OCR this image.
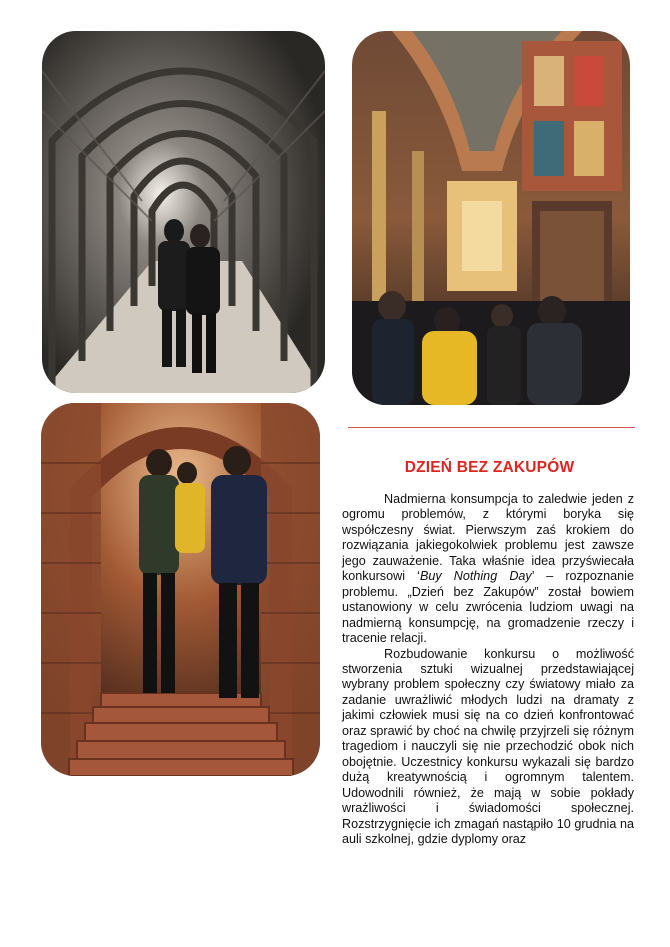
DZIEŃ BEZ ZAKUPÓW

Nadmierna konsumpcja to zaledwie jeden z ogromu problemów, z którymi boryka się współczesny świat. Pierwszym zaś krokiem do rozwiązania jakiegokolwiek problemu jest zawsze jego zauważenie. Taka właśnie idea przyświecała konkursowi ‘Buy Nothing Day’ – rozpoznanie problemu. „Dzień bez Zakupów” został bowiem ustanowiony w celu zwrócenia ludziom uwagi na nadmierną konsumpcję, na gromadzenie rzeczy i tracenie relacji.

Rozbudowanie konkursu o możliwość stworzenia sztuki wizualnej przedstawiającej wybrany problem społeczny czy światowy miało za zadanie uwrażliwić młodych ludzi na dramaty z jakimi człowiek musi się na co dzień konfrontować oraz sprawić by choć na chwilę przyjrzeli się różnym tragediom i nauczyli się nie przechodzić obok nich obojętnie. Uczestnicy konkursu wykazali się bardzo dużą kreatywnością i ogromnym talentem. Udowodnili również, że mają w sobie pokłady wrażliwości i świadomości społecznej. Rozstrzygnięcie ich zmagań nastąpiło 10 grudnia na auli szkolnej, gdzie dyplomy oraz
